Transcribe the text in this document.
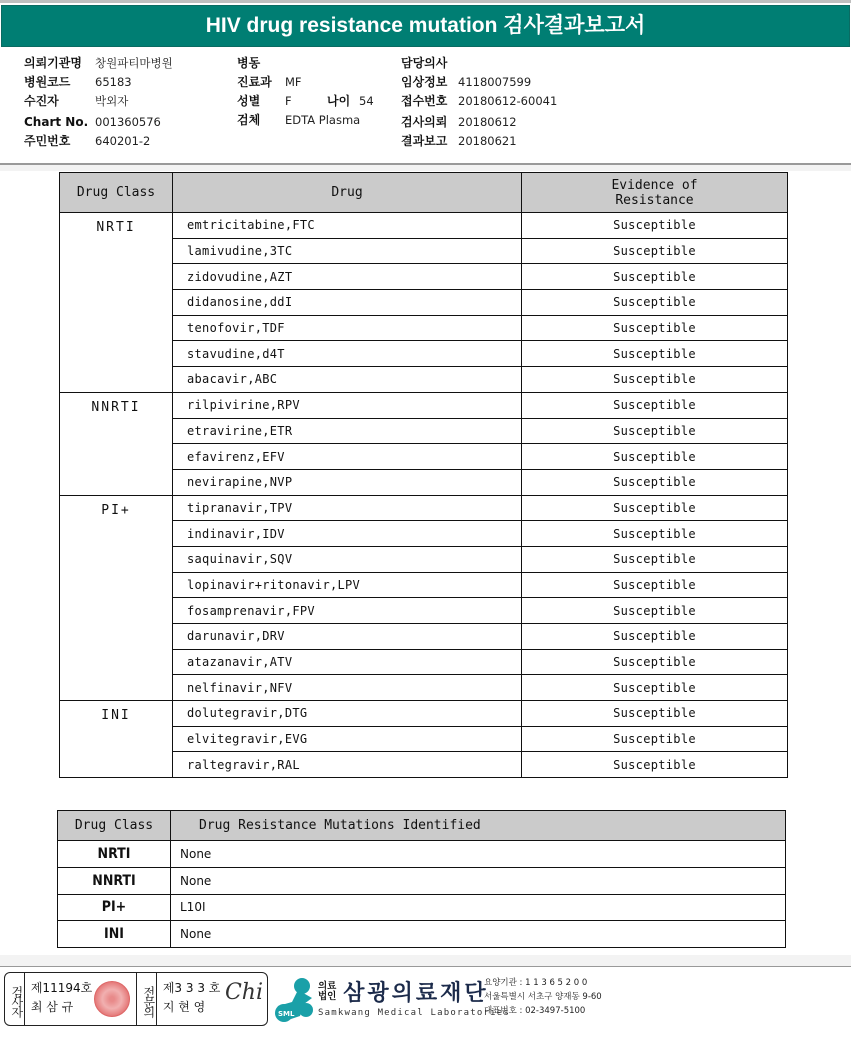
HIV drug resistance mutation 검사결과보고서
의뢰기관명	창원파티마병원
병원코드	65183
수진자	박외자
Chart No. 001360576
주민번호	640201-2
병동
진료과	MF
성별	F	나이 54
검체	EDTA Plasma
담당의사
임상정보 4118007599
접수번호 20180612-60041
검사의뢰 20180612
결과보고 20180621
Drug Class	Drug	Evidence of
Resistance
NRTI	emtricitabine,FTC	Susceptible
	lamivudine,3TC	Susceptible
	zidovudine,AZT	Susceptible
	didanosine,ddI	Susceptible
	tenofovir,TDF	Susceptible
	stavudine,d4T	Susceptible
	abacavir,ABC	Susceptible
NNRTI	rilpivirine,RPV	Susceptible
	etravirine,ETR	Susceptible
	efavirenz,EFV	Susceptible
	nevirapine,NVP	Susceptible
PI+	tipranavir,TPV	Susceptible
	indinavir,IDV	Susceptible
	saquinavir,SQV	Susceptible
	lopinavir+ritonavir,LPV	Susceptible
	fosamprenavir,FPV	Susceptible
	darunavir,DRV	Susceptible
	atazanavir,ATV	Susceptible
	nelfinavir,NFV	Susceptible
INI	dolutegravir,DTG	Susceptible
	elvitegravir,EVG	Susceptible
	raltegravir,RAL	Susceptible
Drug Class	Drug Resistance Mutations Identified
NRTI	None
NNRTI	None
PI+	L10I
INI	None
검사자 제11194호
최 삼 규	전문의 제3 3 3 호
지 현 영
Chi
SML
의료법인 삼광의료재단
Samkwang Medical Laboratories
요양기관 : 1 1 3 6 5 2 0 0
서울특별시 서초구 양재동 9-60
대표번호 : 02-3497-5100
